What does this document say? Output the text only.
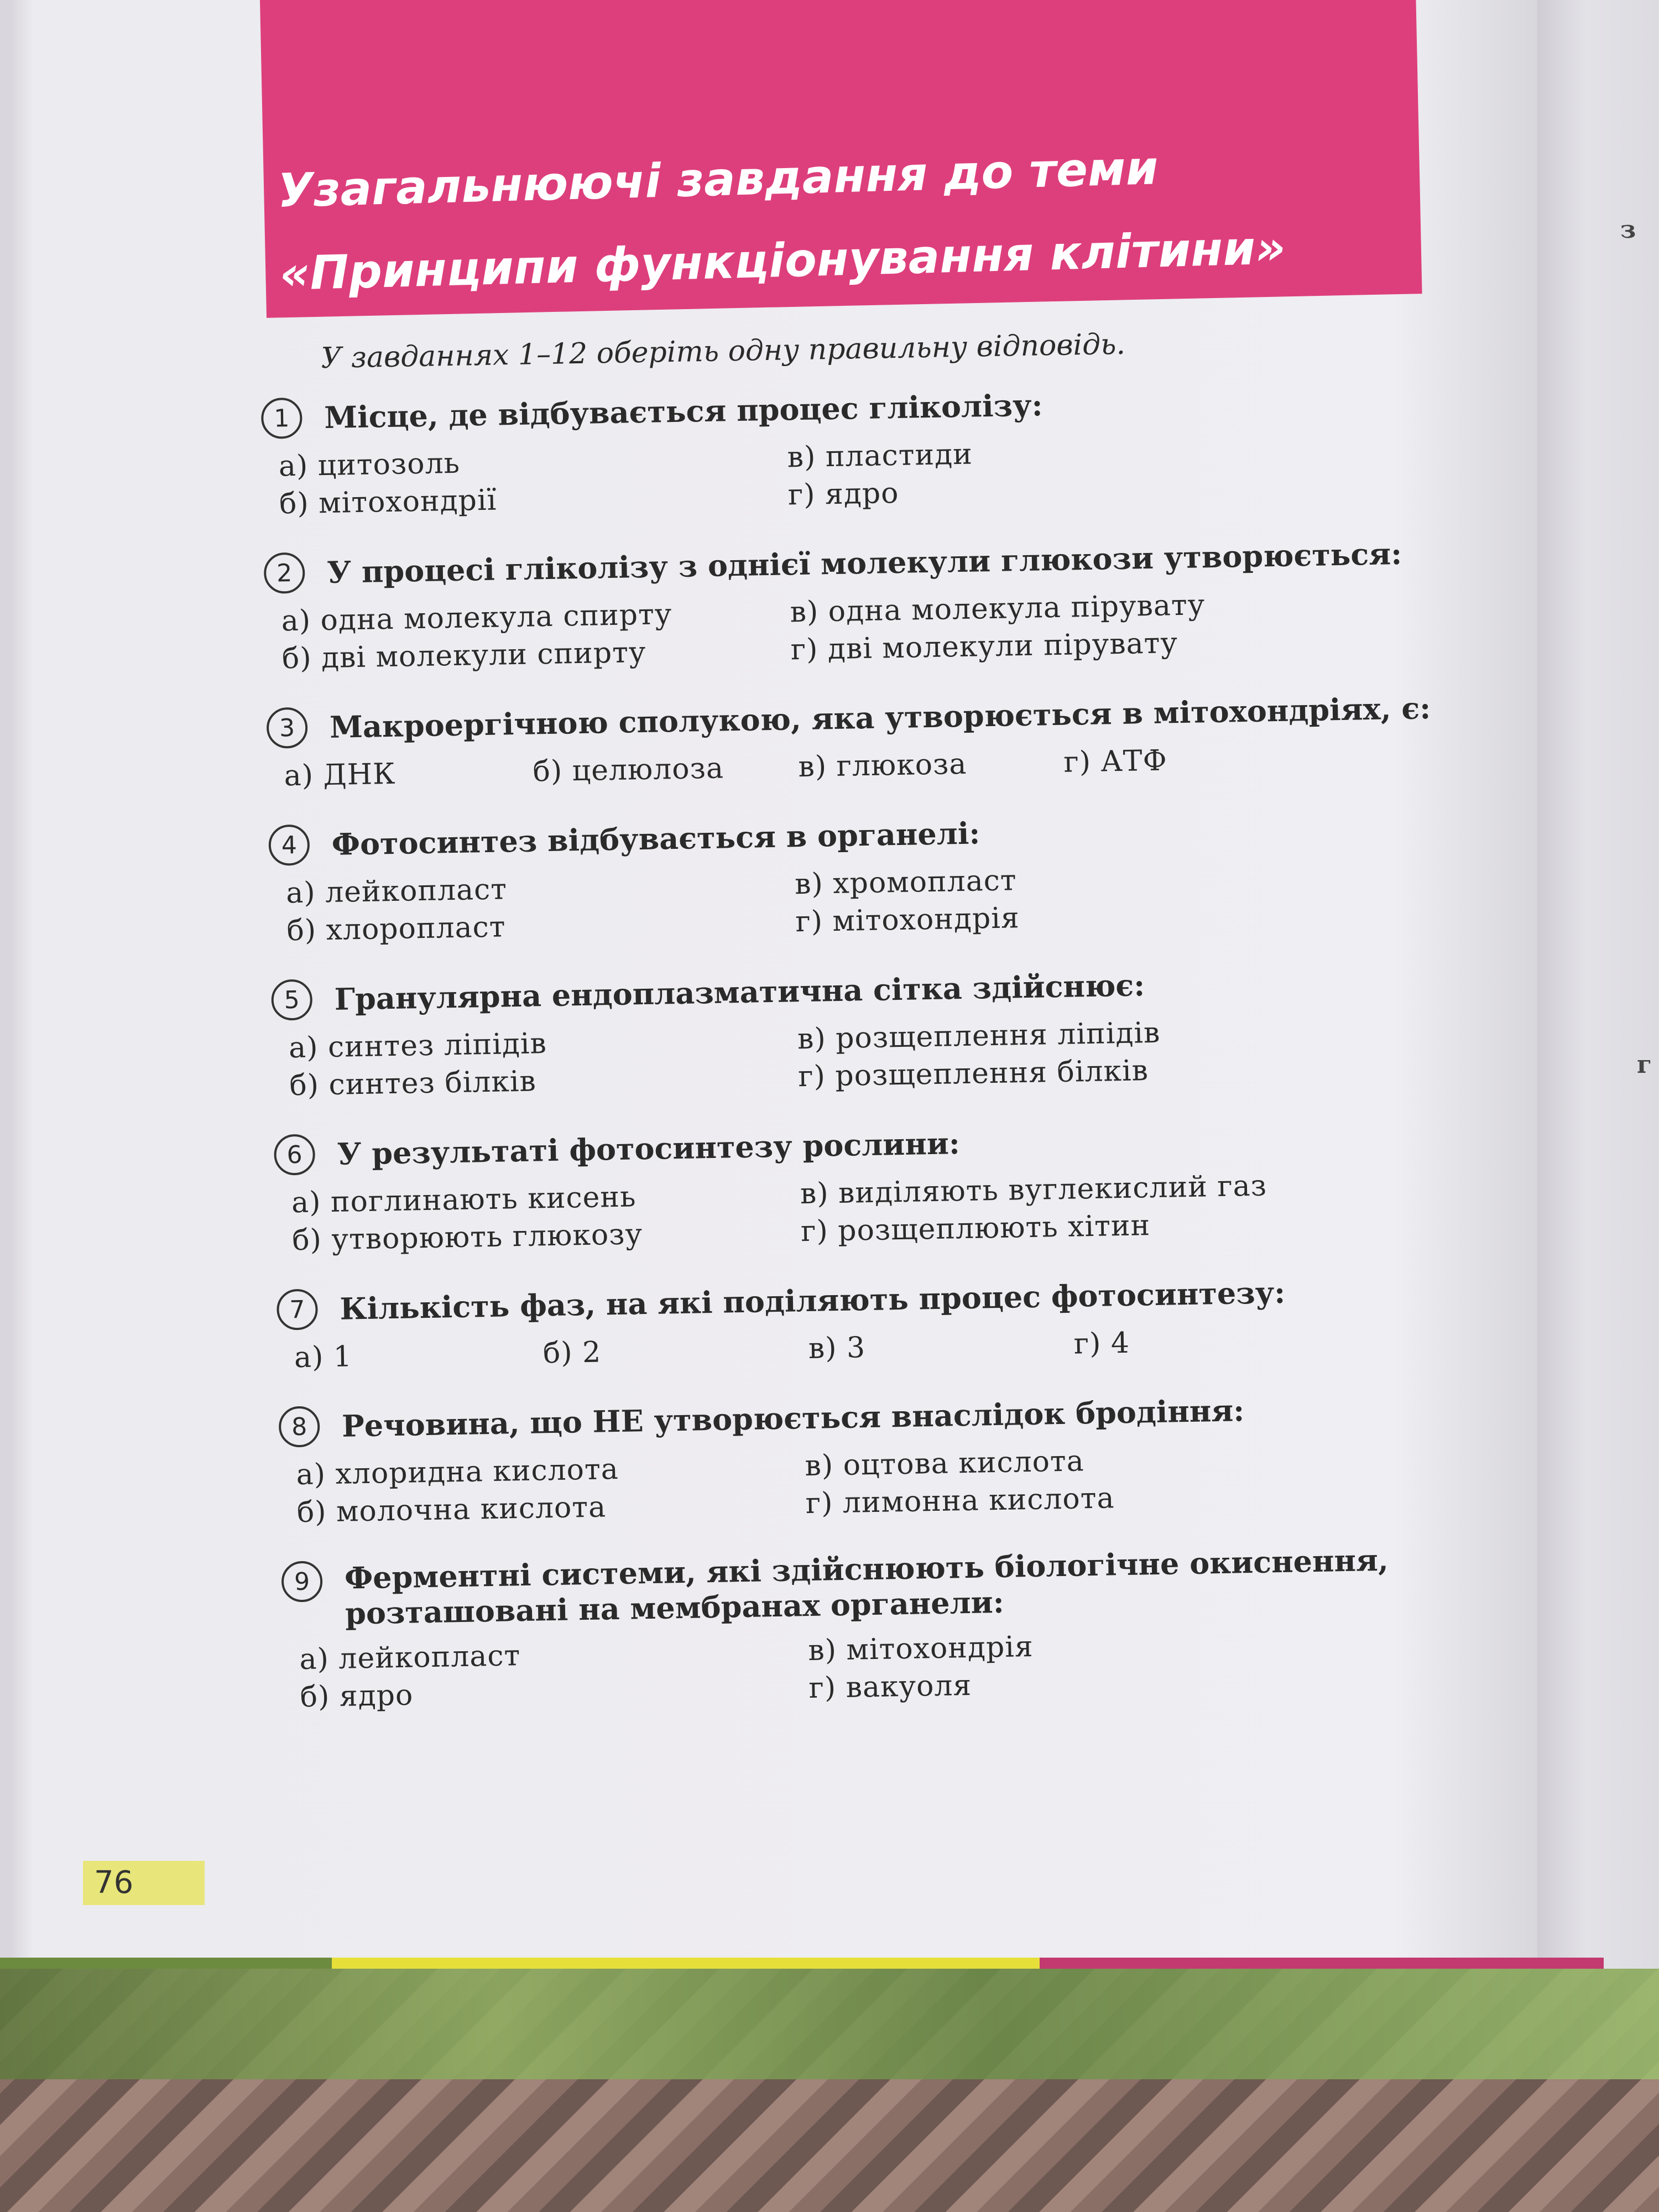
з
г
Узагальнюючі завдання до теми «Принципи функціонування клітини»

У завданнях 1–12 оберіть одну правильну відповідь.

1	Місце, де відбувається процес гліколізу:
а) цитозоль	в) пластиди
б) мітохондрії	г) ядро
2	У процесі гліколізу з однієї молекули глюкози утворюється:
а) одна молекула спирту	в) одна молекула пірувату
б) дві молекули спирту	г) дві молекули пірувату
3	Макроергічною сполукою, яка утворюється в мітохондріях, є:
а) ДНК	б) целюлоза	в) глюкоза	г) АТФ
4	Фотосинтез відбувається в органелі:
а) лейкопласт	в) хромопласт
б) хлоропласт	г) мітохондрія
5	Гранулярна ендоплазматична сітка здійснює:
а) синтез ліпідів	в) розщеплення ліпідів
б) синтез білків	г) розщеплення білків
6	У результаті фотосинтезу рослини:
а) поглинають кисень	в) виділяють вуглекислий газ
б) утворюють глюкозу	г) розщеплюють хітин
7	Кількість фаз, на які поділяють процес фотосинтезу:
а) 1	б) 2	в) 3	г) 4
8	Речовина, що НЕ утворюється внаслідок бродіння:
а) хлоридна кислота	в) оцтова кислота
б) молочна кислота	г) лимонна кислота
9	Ферментні системи, які здійснюють біологічне окиснення, розташовані на мембранах органели:
а) лейкопласт	в) мітохондрія
б) ядро	г) вакуоля
76
